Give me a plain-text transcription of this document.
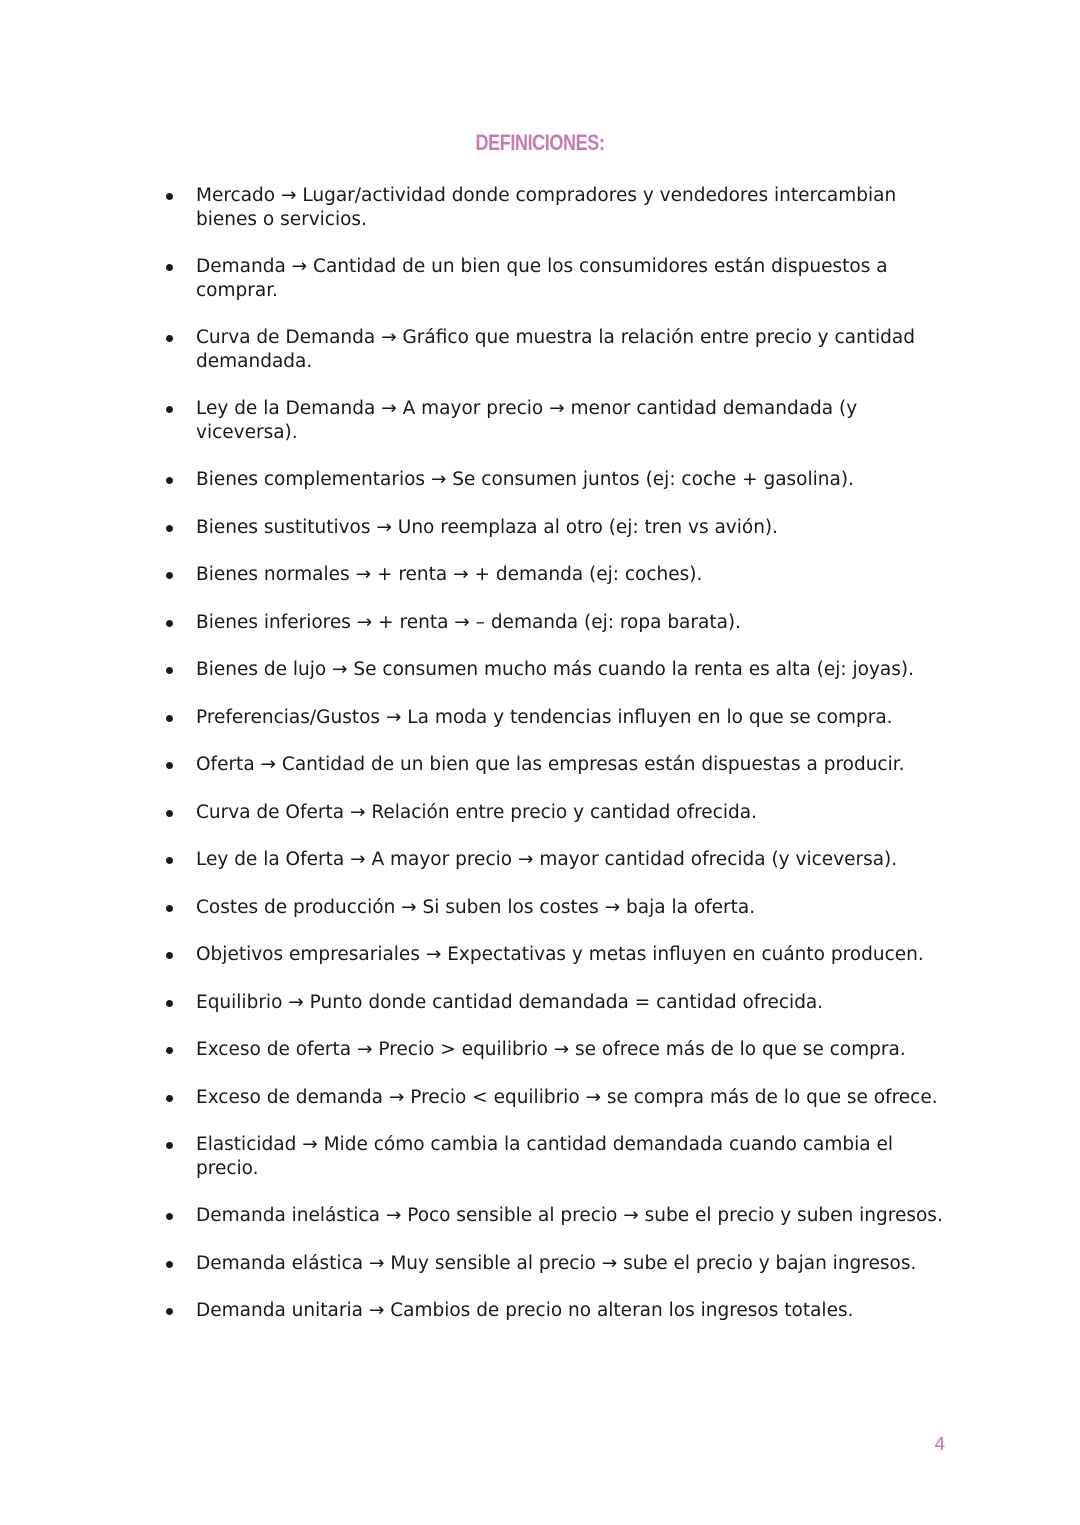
DEFINICIONES:
Mercado → Lugar/actividad donde compradores y vendedores intercambian bienes o servicios.
Demanda → Cantidad de un bien que los consumidores están dispuestos a comprar.
Curva de Demanda → Gráfico que muestra la relación entre precio y cantidad demandada.
Ley de la Demanda → A mayor precio → menor cantidad demandada (y viceversa).
Bienes complementarios → Se consumen juntos (ej: coche + gasolina).
Bienes sustitutivos → Uno reemplaza al otro (ej: tren vs avión).
Bienes normales → + renta → + demanda (ej: coches).
Bienes inferiores → + renta → – demanda (ej: ropa barata).
Bienes de lujo → Se consumen mucho más cuando la renta es alta (ej: joyas).
Preferencias/Gustos → La moda y tendencias influyen en lo que se compra.
Oferta → Cantidad de un bien que las empresas están dispuestas a producir.
Curva de Oferta → Relación entre precio y cantidad ofrecida.
Ley de la Oferta → A mayor precio → mayor cantidad ofrecida (y viceversa).
Costes de producción → Si suben los costes → baja la oferta.
Objetivos empresariales → Expectativas y metas influyen en cuánto producen.
Equilibrio → Punto donde cantidad demandada = cantidad ofrecida.
Exceso de oferta → Precio > equilibrio → se ofrece más de lo que se compra.
Exceso de demanda → Precio < equilibrio → se compra más de lo que se ofrece.
Elasticidad → Mide cómo cambia la cantidad demandada cuando cambia el precio.
Demanda inelástica → Poco sensible al precio → sube el precio y suben ingresos.
Demanda elástica → Muy sensible al precio → sube el precio y bajan ingresos.
Demanda unitaria → Cambios de precio no alteran los ingresos totales.
4
